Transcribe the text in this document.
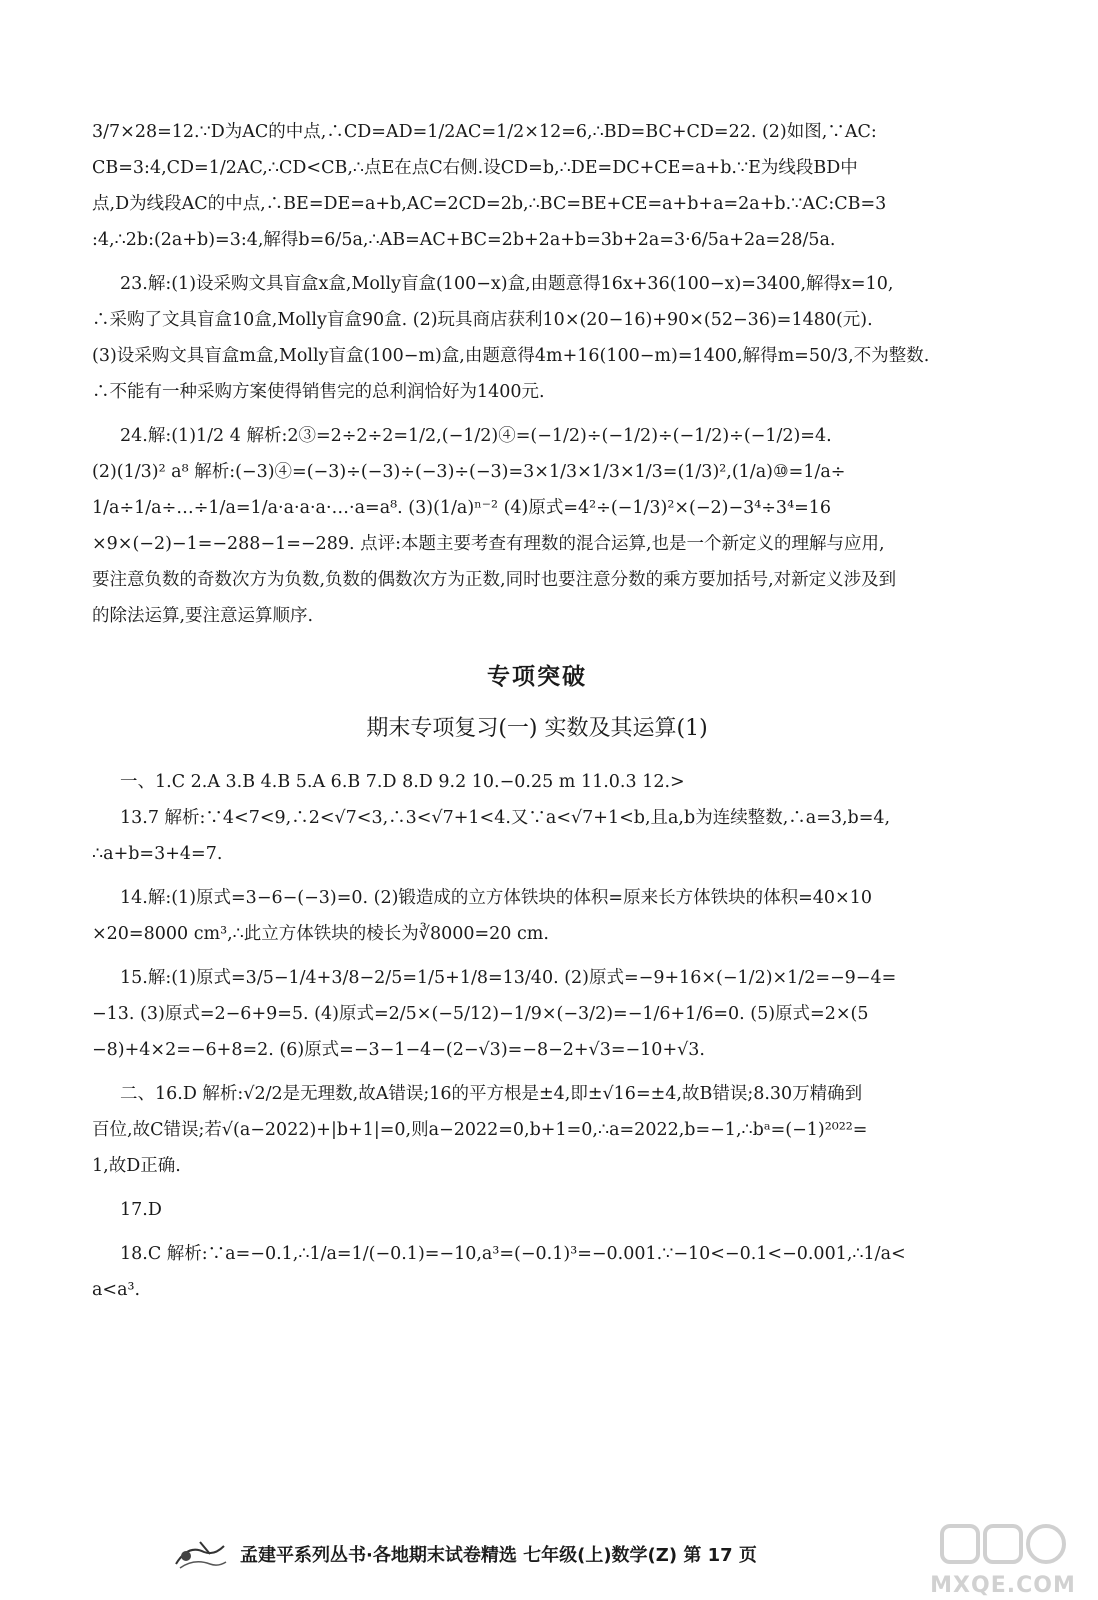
3/7×28=12.∵D为AC的中点,∴CD=AD=1/2AC=1/2×12=6,∴BD=BC+CD=22. (2)如图,∵AC:
CB=3:4,CD=1/2AC,∴CD<CB,∴点E在点C右侧.设CD=b,∴DE=DC+CE=a+b.∵E为线段BD中
点,D为线段AC的中点,∴BE=DE=a+b,AC=2CD=2b,∴BC=BE+CE=a+b+a=2a+b.∵AC:CB=3
:4,∴2b:(2a+b)=3:4,解得b=6/5a,∴AB=AC+BC=2b+2a+b=3b+2a=3·6/5a+2a=28/5a.
23.解:(1)设采购文具盲盒x盒,Molly盲盒(100−x)盒,由题意得16x+36(100−x)=3400,解得x=10,
∴采购了文具盲盒10盒,Molly盲盒90盒. (2)玩具商店获利10×(20−16)+90×(52−36)=1480(元).
(3)设采购文具盲盒m盒,Molly盲盒(100−m)盒,由题意得4m+16(100−m)=1400,解得m=50/3,不为整数.
∴不能有一种采购方案使得销售完的总利润恰好为1400元.
24.解:(1)1/2 4 解析:2③=2÷2÷2=1/2,(−1/2)④=(−1/2)÷(−1/2)÷(−1/2)÷(−1/2)=4.
(2)(1/3)² a⁸ 解析:(−3)④=(−3)÷(−3)÷(−3)÷(−3)=3×1/3×1/3×1/3=(1/3)²,(1/a)⑩=1/a÷
1/a÷1/a÷…÷1/a=1/a·a·a·a·…·a=a⁸. (3)(1/a)ⁿ⁻² (4)原式=4²÷(−1/3)²×(−2)−3⁴÷3⁴=16
×9×(−2)−1=−288−1=−289. 点评:本题主要考查有理数的混合运算,也是一个新定义的理解与应用,
要注意负数的奇数次方为负数,负数的偶数次方为正数,同时也要注意分数的乘方要加括号,对新定义涉及到
的除法运算,要注意运算顺序.
专项突破
期末专项复习(一) 实数及其运算(1)
一、1.C 2.A 3.B 4.B 5.A 6.B 7.D 8.D 9.2 10.−0.25 m 11.0.3 12.>
13.7 解析:∵4<7<9,∴2<√7<3,∴3<√7+1<4.又∵a<√7+1<b,且a,b为连续整数,∴a=3,b=4,
∴a+b=3+4=7.
14.解:(1)原式=3−6−(−3)=0. (2)锻造成的立方体铁块的体积=原来长方体铁块的体积=40×10
×20=8000 cm³,∴此立方体铁块的棱长为∛8000=20 cm.
15.解:(1)原式=3/5−1/4+3/8−2/5=1/5+1/8=13/40. (2)原式=−9+16×(−1/2)×1/2=−9−4=
−13. (3)原式=2−6+9=5. (4)原式=2/5×(−5/12)−1/9×(−3/2)=−1/6+1/6=0. (5)原式=2×(5
−8)+4×2=−6+8=2. (6)原式=−3−1−4−(2−√3)=−8−2+√3=−10+√3.
二、16.D 解析:√2/2是无理数,故A错误;16的平方根是±4,即±√16=±4,故B错误;8.30万精确到
百位,故C错误;若√(a−2022)+|b+1|=0,则a−2022=0,b+1=0,∴a=2022,b=−1,∴bᵃ=(−1)²⁰²²=
1,故D正确.
17.D
18.C 解析:∵a=−0.1,∴1/a=1/(−0.1)=−10,a³=(−0.1)³=−0.001.∵−10<−0.1<−0.001,∴1/a<
a<a³.
孟建平系列丛书·各地期末试卷精选 七年级(上)数学(Z) 第 17 页
MXQE.COM
